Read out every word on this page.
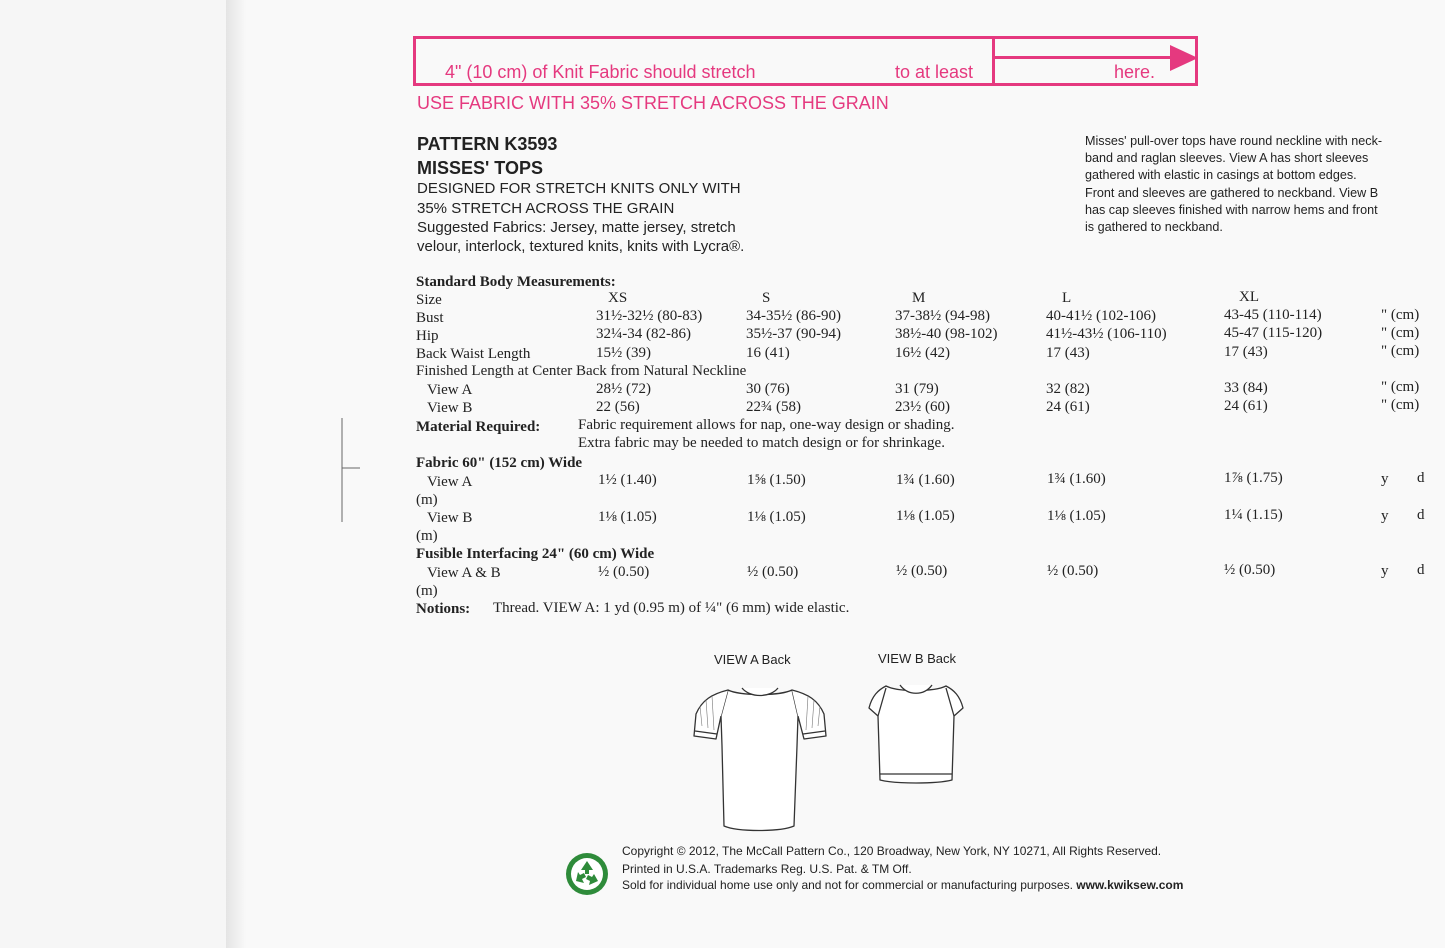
4" (10 cm) of Knit Fabric should stretch	to at least	here.
USE FABRIC WITH 35% STRETCH ACROSS THE GRAIN
PATTERN K3593
MISSES' TOPS
DESIGNED FOR STRETCH KNITS ONLY WITH
35% STRETCH ACROSS THE GRAIN
Suggested Fabrics: Jersey, matte jersey, stretch
velour, interlock, textured knits, knits with Lycra®.
Misses' pull-over tops have round neckline with neck-
band and raglan sleeves. View A has short sleeves
gathered with elastic in casings at bottom edges.
Front and sleeves are gathered to neckband. View B
has cap sleeves finished with narrow hems and front
is gathered to neckband.
Standard Body Measurements:
Size	XS	S	M	L	XL
Bust	31½-32½ (80-83)	34-35½ (86-90)	37-38½ (94-98)	40-41½ (102-106)	43-45 (110-114)	" (cm)
Hip	32¼-34 (82-86)	35½-37 (90-94)	38½-40 (98-102)	41½-43½ (106-110)	45-47 (115-120)	" (cm)
Back Waist Length	15½ (39)	16 (41)	16½ (42)	17 (43)	17 (43)	" (cm)
Finished Length at Center Back from Natural Neckline
View A	28½ (72)	30 (76)	31 (79)	32 (82)	33 (84)	" (cm)
View B	22 (56)	22¾ (58)	23½ (60)	24 (61)	24 (61)	" (cm)
Material Required:	Fabric requirement allows for nap, one-way design or shading.
Extra fabric may be needed to match design or for shrinkage.
Fabric 60" (152 cm) Wide
View A	1½ (1.40)	1⅝ (1.50)	1¾ (1.60)	1¾ (1.60)	1⅞ (1.75)	y d
(m)
View B	1⅛ (1.05)	1⅛ (1.05)	1⅛ (1.05)	1⅛ (1.05)	1¼ (1.15)	y d
(m)
Fusible Interfacing 24" (60 cm) Wide
View A & B	½ (0.50)	½ (0.50)	½ (0.50)	½ (0.50)	½ (0.50)	y d
(m)
Notions: Thread. VIEW A: 1 yd (0.95 m) of ¼" (6 mm) wide elastic.
VIEW A Back	VIEW B Back
Copyright © 2012, The McCall Pattern Co., 120 Broadway, New York, NY 10271, All Rights Reserved.
Printed in U.S.A. Trademarks Reg. U.S. Pat. & TM Off.
Sold for individual home use only and not for commercial or manufacturing purposes. www.kwiksew.com
